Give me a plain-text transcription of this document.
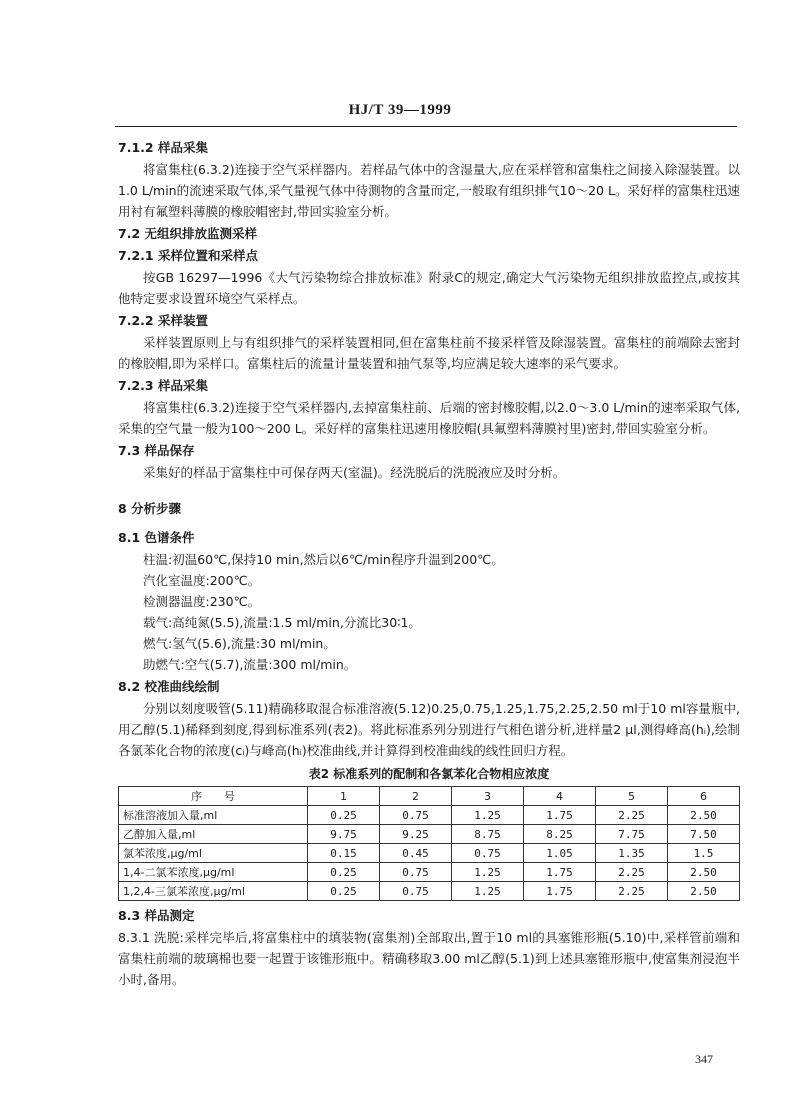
HJ/T 39—1999
7.1.2 样品采集
将富集柱(6.3.2)连接于空气采样器内。若样品气体中的含湿量大,应在采样管和富集柱之间接入除湿装置。以1.0 L/min的流速采取气体,采气量视气体中待测物的含量而定,一般取有组织排气10～20 L。采好样的富集柱迅速用衬有氟塑料薄膜的橡胶帽密封,带回实验室分析。
7.2 无组织排放监测采样
7.2.1 采样位置和采样点
按GB 16297—1996《大气污染物综合排放标准》附录C的规定,确定大气污染物无组织排放监控点,或按其他特定要求设置环境空气采样点。
7.2.2 采样装置
采样装置原则上与有组织排气的采样装置相同,但在富集柱前不接采样管及除湿装置。富集柱的前端除去密封的橡胶帽,即为采样口。富集柱后的流量计量装置和抽气泵等,均应满足较大速率的采气要求。
7.2.3 样品采集
将富集柱(6.3.2)连接于空气采样器内,去掉富集柱前、后端的密封橡胶帽,以2.0～3.0 L/min的速率采取气体,采集的空气量一般为100～200 L。采好样的富集柱迅速用橡胶帽(具氟塑料薄膜衬里)密封,带回实验室分析。
7.3 样品保存
采集好的样品于富集柱中可保存两天(室温)。经洗脱后的洗脱液应及时分析。
8 分析步骤
8.1 色谱条件
柱温:初温60℃,保持10 min,然后以6℃/min程序升温到200℃。
汽化室温度:200℃。
检测器温度:230℃。
载气:高纯氮(5.5),流量:1.5 ml/min,分流比30∶1。
燃气:氢气(5.6),流量:30 ml/min。
助燃气:空气(5.7),流量:300 ml/min。
8.2 校准曲线绘制
分别以刻度吸管(5.11)精确移取混合标准溶液(5.12)0.25,0.75,1.25,1.75,2.25,2.50 ml于10 ml容量瓶中,用乙醇(5.1)稀释到刻度,得到标准系列(表2)。将此标准系列分别进行气相色谱分析,进样量2 μl,测得峰高(hᵢ),绘制各氯苯化合物的浓度(cᵢ)与峰高(hᵢ)校准曲线,并计算得到校准曲线的线性回归方程。
表2 标准系列的配制和各氯苯化合物相应浓度
序　　号	1	2	3	4	5	6
标准溶液加入量,ml	0.25	0.75	1.25	1.75	2.25	2.50
乙醇加入量,ml	9.75	9.25	8.75	8.25	7.75	7.50
氯苯浓度,μg/ml	0.15	0.45	0.75	1.05	1.35	1.5
1,4-二氯苯浓度,μg/ml	0.25	0.75	1.25	1.75	2.25	2.50
1,2,4-三氯苯浓度,μg/ml	0.25	0.75	1.25	1.75	2.25	2.50
8.3 样品测定
8.3.1 洗脱:采样完毕后,将富集柱中的填装物(富集剂)全部取出,置于10 ml的具塞锥形瓶(5.10)中,采样管前端和富集柱前端的玻璃棉也要一起置于该锥形瓶中。精确移取3.00 ml乙醇(5.1)到上述具塞锥形瓶中,使富集剂浸泡半小时,备用。
347
